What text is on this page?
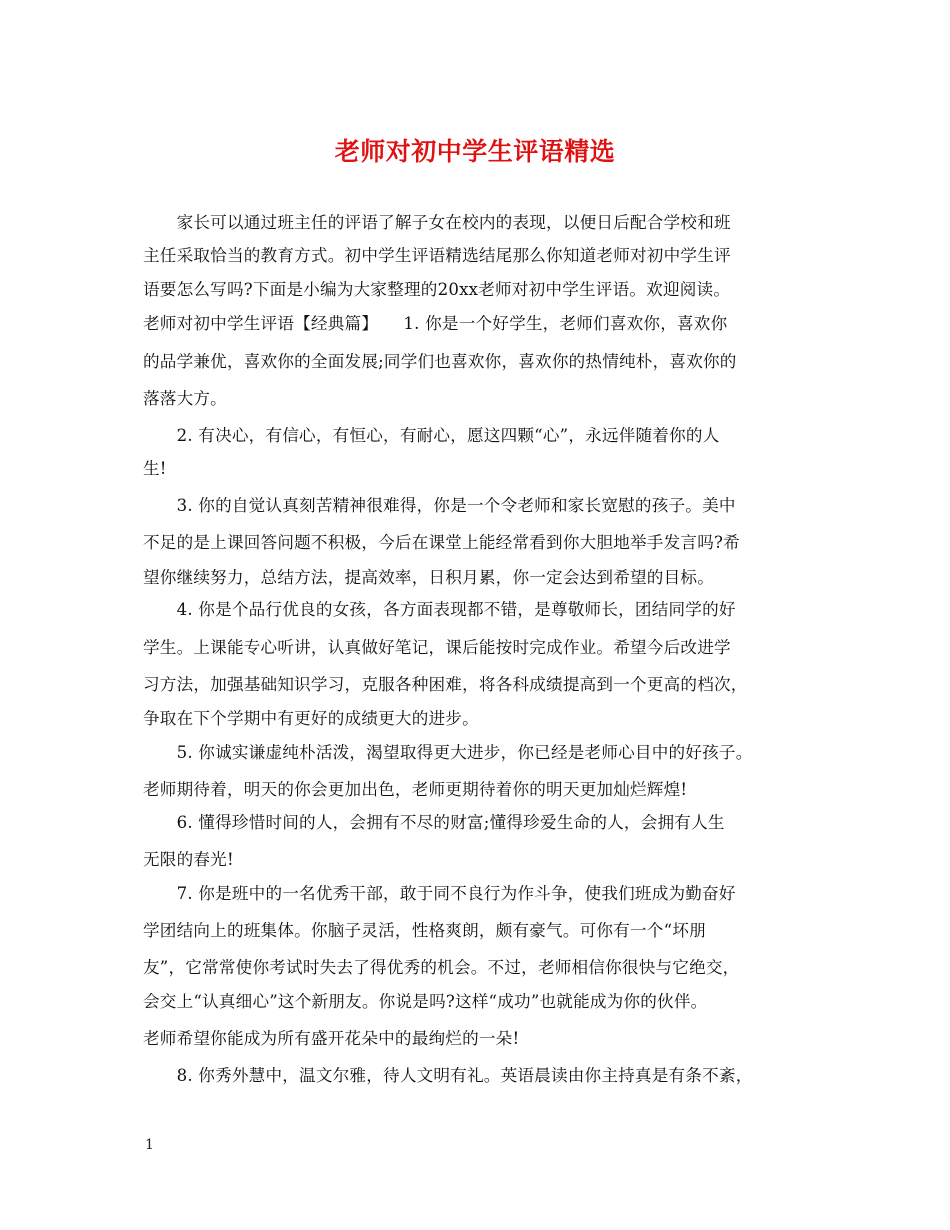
老师对初中学生评语精选
　　家长可以通过班主任的评语了解子女在校内的表现，以便日后配合学校和班
主任采取恰当的教育方式。初中学生评语精选结尾那么你知道老师对初中学生评
语要怎么写吗?下面是小编为大家整理的20xx老师对初中学生评语。欢迎阅读。
老师对初中学生评语【经典篇】　　1. 你是一个好学生，老师们喜欢你，喜欢你
的品学兼优，喜欢你的全面发展;同学们也喜欢你，喜欢你的热情纯朴，喜欢你的
落落大方。
　　2. 有决心，有信心，有恒心，有耐心，愿这四颗“心”，永远伴随着你的人
生!
　　3. 你的自觉认真刻苦精神很难得，你是一个令老师和家长宽慰的孩子。美中
不足的是上课回答问题不积极，今后在课堂上能经常看到你大胆地举手发言吗?希
望你继续努力，总结方法，提高效率，日积月累，你一定会达到希望的目标。
　　4. 你是个品行优良的女孩，各方面表现都不错，是尊敬师长，团结同学的好
学生。上课能专心听讲，认真做好笔记，课后能按时完成作业。希望今后改进学
习方法，加强基础知识学习，克服各种困难，将各科成绩提高到一个更高的档次，
争取在下个学期中有更好的成绩更大的进步。
　　5. 你诚实谦虚纯朴活泼，渴望取得更大进步，你已经是老师心目中的好孩子。
老师期待着，明天的你会更加出色，老师更期待着你的明天更加灿烂辉煌!
　　6. 懂得珍惜时间的人，会拥有不尽的财富;懂得珍爱生命的人，会拥有人生
无限的春光!
　　7. 你是班中的一名优秀干部，敢于同不良行为作斗争，使我们班成为勤奋好
学团结向上的班集体。你脑子灵活，性格爽朗，颇有豪气。可你有一个“坏朋
友”，它常常使你考试时失去了得优秀的机会。不过，老师相信你很快与它绝交，
会交上“认真细心”这个新朋友。你说是吗?这样“成功”也就能成为你的伙伴。
老师希望你能成为所有盛开花朵中的最绚烂的一朵!
　　8. 你秀外慧中，温文尔雅，待人文明有礼。英语晨读由你主持真是有条不紊，
1
